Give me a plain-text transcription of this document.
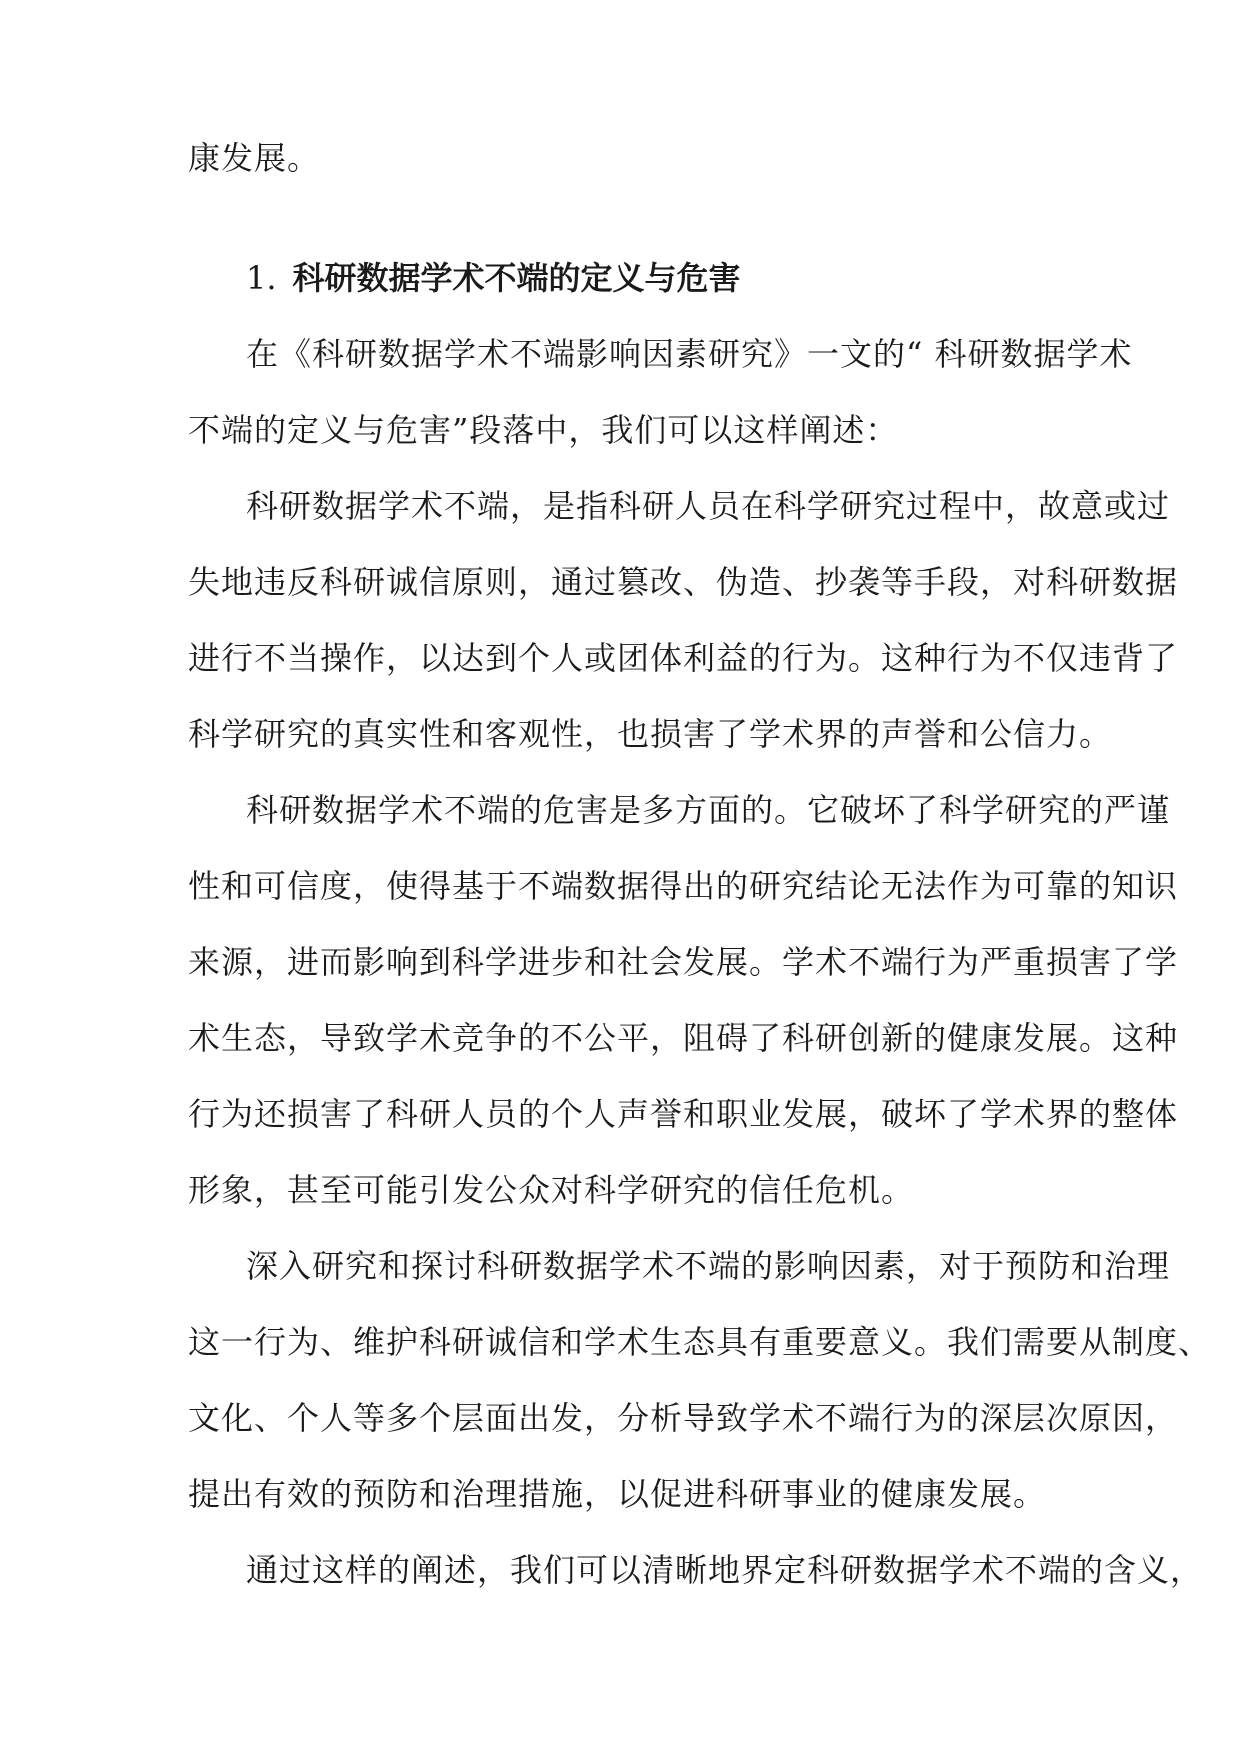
康发展。

1. 科研数据学术不端的定义与危害

在《科研数据学术不端影响因素研究》一文的“ 科研数据学术

不端的定义与危害”段落中，我们可以这样阐述：

科研数据学术不端，是指科研人员在科学研究过程中，故意或过

失地违反科研诚信原则，通过篡改、伪造、抄袭等手段，对科研数据

进行不当操作，以达到个人或团体利益的行为。这种行为不仅违背了

科学研究的真实性和客观性，也损害了学术界的声誉和公信力。

科研数据学术不端的危害是多方面的。它破坏了科学研究的严谨

性和可信度，使得基于不端数据得出的研究结论无法作为可靠的知识

来源，进而影响到科学进步和社会发展。学术不端行为严重损害了学

术生态，导致学术竞争的不公平，阻碍了科研创新的健康发展。这种

行为还损害了科研人员的个人声誉和职业发展，破坏了学术界的整体

形象，甚至可能引发公众对科学研究的信任危机。

深入研究和探讨科研数据学术不端的影响因素，对于预防和治理

这一行为、维护科研诚信和学术生态具有重要意义。我们需要从制度、

文化、个人等多个层面出发，分析导致学术不端行为的深层次原因，

提出有效的预防和治理措施，以促进科研事业的健康发展。

通过这样的阐述，我们可以清晰地界定科研数据学术不端的含义，
